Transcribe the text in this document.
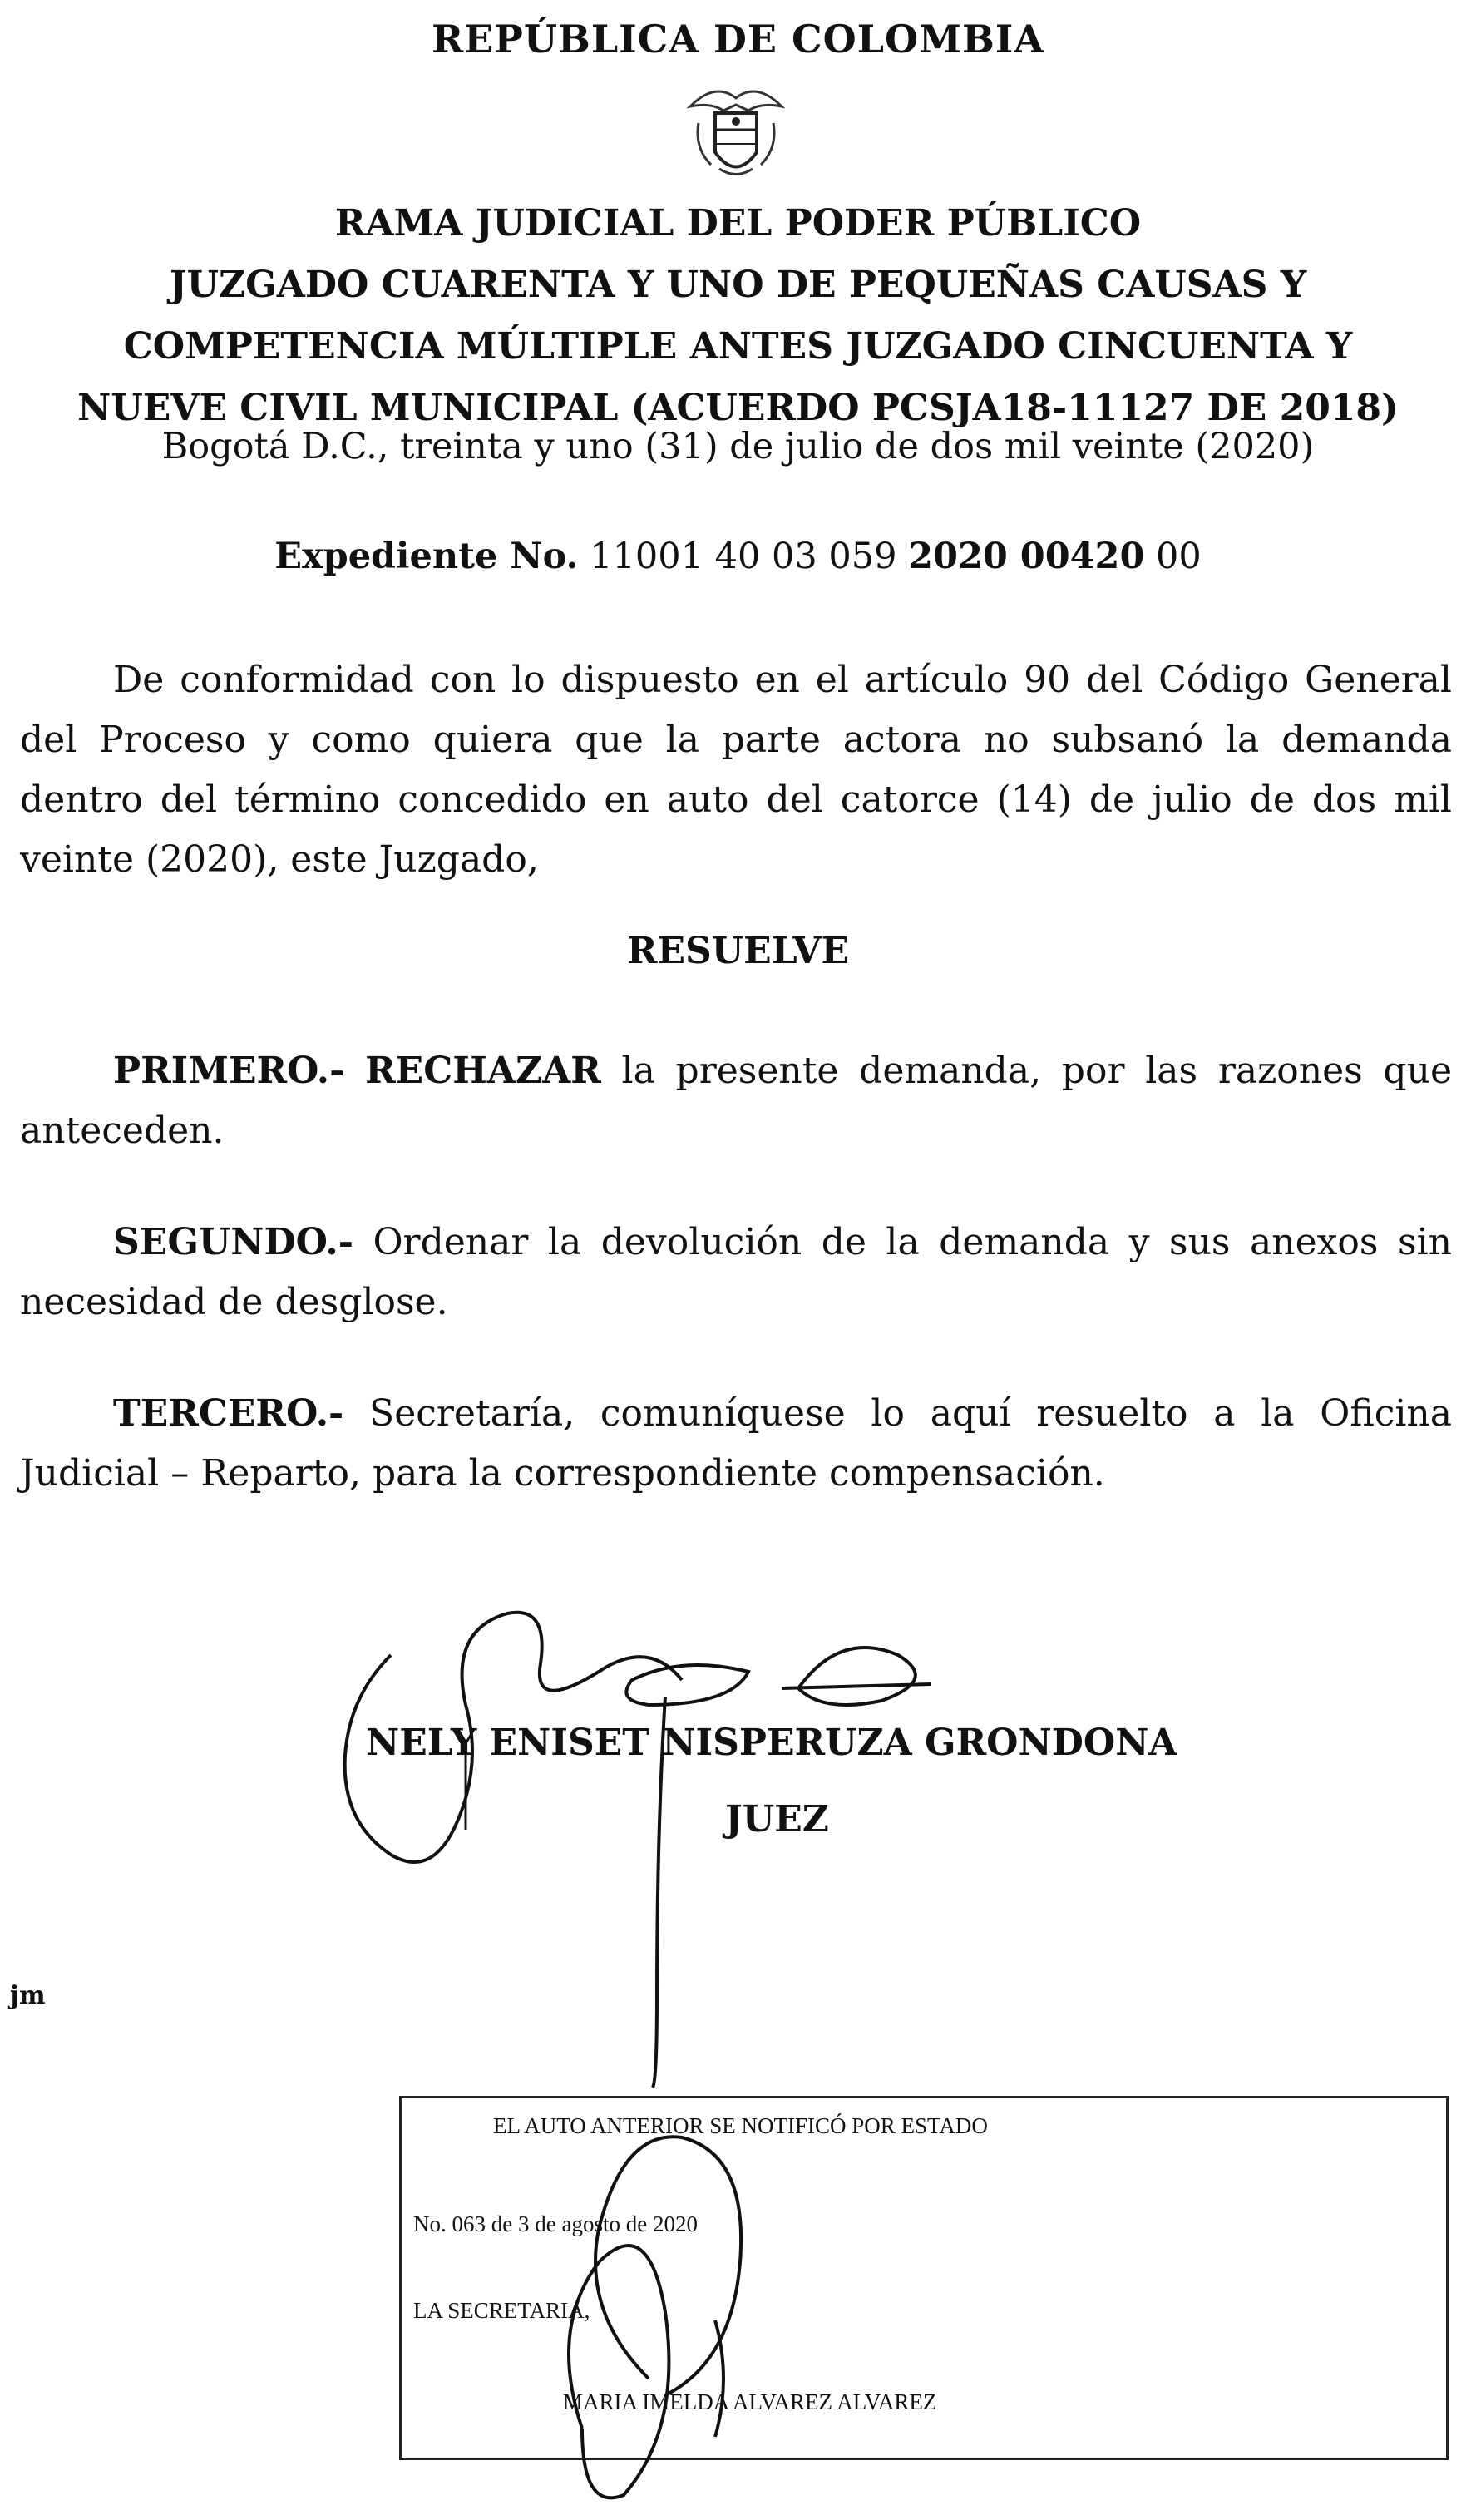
REPÚBLICA DE COLOMBIA
RAMA JUDICIAL DEL PODER PÚBLICO
JUZGADO CUARENTA Y UNO DE PEQUEÑAS CAUSAS Y
COMPETENCIA MÚLTIPLE ANTES JUZGADO CINCUENTA Y
NUEVE CIVIL MUNICIPAL (ACUERDO PCSJA18-11127 DE 2018)
Bogotá D.C., treinta y uno (31) de julio de dos mil veinte (2020)
Expediente No. 11001 40 03 059 2020 00420 00
De conformidad con lo dispuesto en el artículo 90 del Código General del Proceso y como quiera que la parte actora no subsanó la demanda dentro del término concedido en auto del catorce (14) de julio de dos mil veinte (2020), este Juzgado,
RESUELVE
PRIMERO.- RECHAZAR la presente demanda, por las razones que anteceden.
SEGUNDO.- Ordenar la devolución de la demanda y sus anexos sin necesidad de desglose.
TERCERO.- Secretaría, comuníquese lo aquí resuelto a la Oficina Judicial – Reparto, para la correspondiente compensación.
NELY ENISET NISPERUZA GRONDONA
JUEZ
jm
EL AUTO ANTERIOR SE NOTIFICÓ POR ESTADO
No. 063 de 3 de agosto de 2020
LA SECRETARIA,
MARIA IMELDA ALVAREZ ALVAREZ
